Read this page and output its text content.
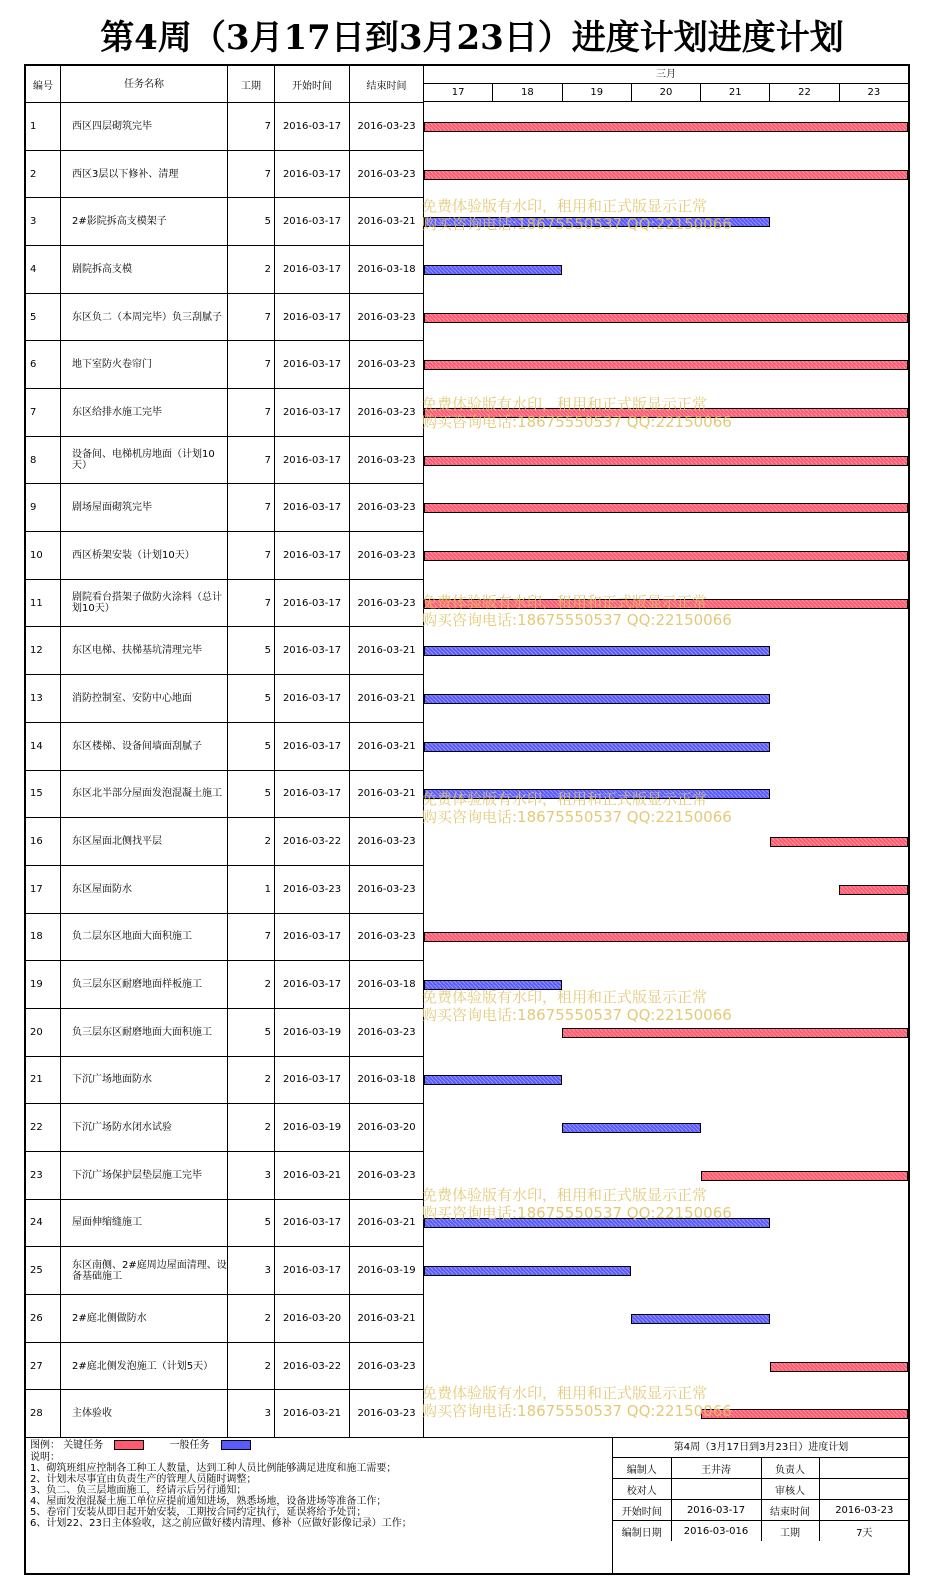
第4周（3月17日到3月23日）进度计划进度计划
编号	任务名称	工期	开始时间	结束时间
三月
17	18	19	20	21	22	23
1	西区四层砌筑完毕	7	2016-03-17	2016-03-23
2	西区3层以下修补、清理	7	2016-03-17	2016-03-23
3	2#影院拆高支模架子	5	2016-03-17	2016-03-21
4	剧院拆高支模	2	2016-03-17	2016-03-18
5	东区负二（本周完毕）负三刮腻子	7	2016-03-17	2016-03-23
6	地下室防火卷帘门	7	2016-03-17	2016-03-23
7	东区给排水施工完毕	7	2016-03-17	2016-03-23
8	设备间、电梯机房地面（计划10天）	7	2016-03-17	2016-03-23
9	剧场屋面砌筑完毕	7	2016-03-17	2016-03-23
10	西区桥架安装（计划10天）	7	2016-03-17	2016-03-23
11	剧院看台搭架子做防火涂料（总计划10天）	7	2016-03-17	2016-03-23
12	东区电梯、扶梯基坑清理完毕	5	2016-03-17	2016-03-21
13	消防控制室、安防中心地面	5	2016-03-17	2016-03-21
14	东区楼梯、设备间墙面刮腻子	5	2016-03-17	2016-03-21
15	东区北半部分屋面发泡混凝土施工	5	2016-03-17	2016-03-21
16	东区屋面北侧找平层	2	2016-03-22	2016-03-23
17	东区屋面防水	1	2016-03-23	2016-03-23
18	负二层东区地面大面积施工	7	2016-03-17	2016-03-23
19	负三层东区耐磨地面样板施工	2	2016-03-17	2016-03-18
20	负三层东区耐磨地面大面积施工	5	2016-03-19	2016-03-23
21	下沉广场地面防水	2	2016-03-17	2016-03-18
22	下沉广场防水闭水试验	2	2016-03-19	2016-03-20
23	下沉广场保护层垫层施工完毕	3	2016-03-21	2016-03-23
24	屋面伸缩缝施工	5	2016-03-17	2016-03-21
25	东区南侧、2#庭周边屋面清理、设备基础施工	3	2016-03-17	2016-03-19
26	2#庭北侧做防水	2	2016-03-20	2016-03-21
27	2#庭北侧发泡施工（计划5天）	2	2016-03-22	2016-03-23
28	主体验收	3	2016-03-21	2016-03-23
免费体验版有水印，租用和正式版显示正常
购买咨询电话:18675550537 QQ:22150066
免费体验版有水印，租用和正式版显示正常
购买咨询电话:18675550537 QQ:22150066
免费体验版有水印，租用和正式版显示正常
购买咨询电话:18675550537 QQ:22150066
免费体验版有水印，租用和正式版显示正常
购买咨询电话:18675550537 QQ:22150066
免费体验版有水印，租用和正式版显示正常
购买咨询电话:18675550537 QQ:22150066
免费体验版有水印，租用和正式版显示正常
购买咨询电话:18675550537 QQ:22150066
免费体验版有水印，租用和正式版显示正常
购买咨询电话:18675550537 QQ:22150066
图例： 关键任务	一般任务
说明：
1、砌筑班组应控制各工种工人数量，达到工种人员比例能够满足进度和施工需要；
2、计划未尽事宜由负责生产的管理人员随时调整；
3、负二、负三层地面施工，经请示后另行通知；
4、屋面发泡混凝土施工单位应提前通知进场，熟悉场地，设备进场等准备工作；
5、卷帘门安装从即日起开始安装，工期按合同约定执行，延误将给予处罚；
6、计划22、23日主体验收，这之前应做好楼内清理、修补（应做好影像记录）工作；
第4周（3月17日到3月23日）进度计划
编制人	王井涛	负责人	
校对人		审核人	
开始时间	2016-03-17	结束时间	2016-03-23
编制日期	2016-03-016	工期	7天
